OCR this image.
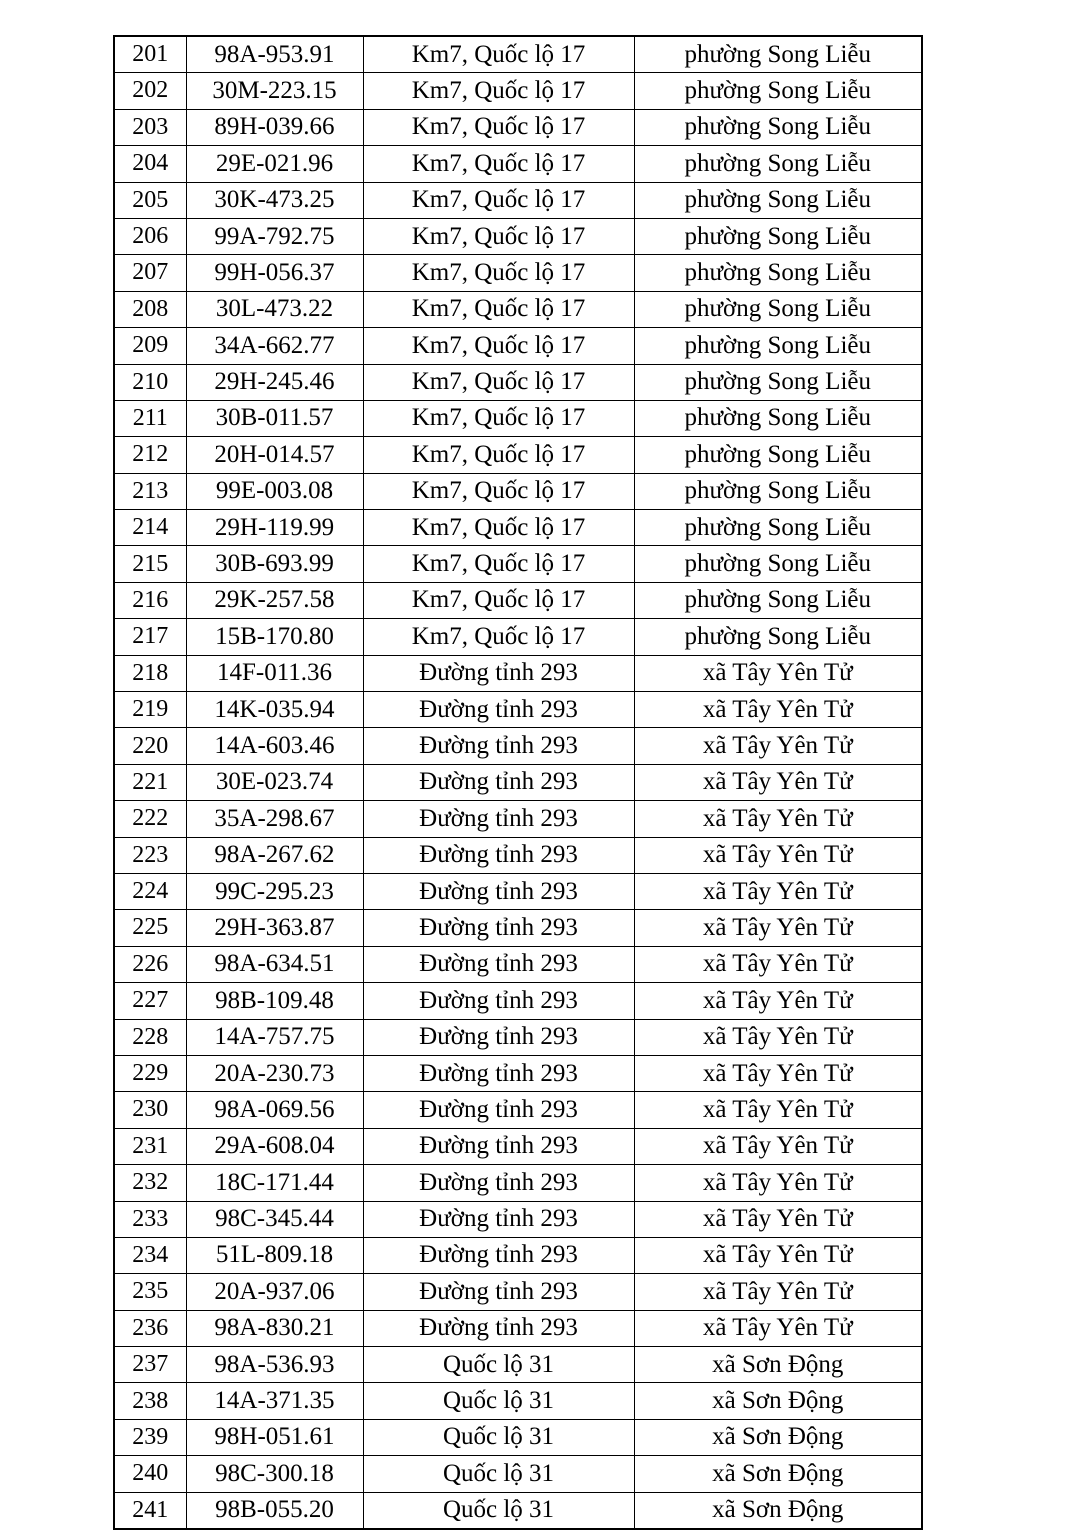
201	98A-953.91	Km7, Quốc lộ 17	phường Song Liễu
202	30M-223.15	Km7, Quốc lộ 17	phường Song Liễu
203	89H-039.66	Km7, Quốc lộ 17	phường Song Liễu
204	29E-021.96	Km7, Quốc lộ 17	phường Song Liễu
205	30K-473.25	Km7, Quốc lộ 17	phường Song Liễu
206	99A-792.75	Km7, Quốc lộ 17	phường Song Liễu
207	99H-056.37	Km7, Quốc lộ 17	phường Song Liễu
208	30L-473.22	Km7, Quốc lộ 17	phường Song Liễu
209	34A-662.77	Km7, Quốc lộ 17	phường Song Liễu
210	29H-245.46	Km7, Quốc lộ 17	phường Song Liễu
211	30B-011.57	Km7, Quốc lộ 17	phường Song Liễu
212	20H-014.57	Km7, Quốc lộ 17	phường Song Liễu
213	99E-003.08	Km7, Quốc lộ 17	phường Song Liễu
214	29H-119.99	Km7, Quốc lộ 17	phường Song Liễu
215	30B-693.99	Km7, Quốc lộ 17	phường Song Liễu
216	29K-257.58	Km7, Quốc lộ 17	phường Song Liễu
217	15B-170.80	Km7, Quốc lộ 17	phường Song Liễu
218	14F-011.36	Đường tỉnh 293	xã Tây Yên Tử
219	14K-035.94	Đường tỉnh 293	xã Tây Yên Tử
220	14A-603.46	Đường tỉnh 293	xã Tây Yên Tử
221	30E-023.74	Đường tỉnh 293	xã Tây Yên Tử
222	35A-298.67	Đường tỉnh 293	xã Tây Yên Tử
223	98A-267.62	Đường tỉnh 293	xã Tây Yên Tử
224	99C-295.23	Đường tỉnh 293	xã Tây Yên Tử
225	29H-363.87	Đường tỉnh 293	xã Tây Yên Tử
226	98A-634.51	Đường tỉnh 293	xã Tây Yên Tử
227	98B-109.48	Đường tỉnh 293	xã Tây Yên Tử
228	14A-757.75	Đường tỉnh 293	xã Tây Yên Tử
229	20A-230.73	Đường tỉnh 293	xã Tây Yên Tử
230	98A-069.56	Đường tỉnh 293	xã Tây Yên Tử
231	29A-608.04	Đường tỉnh 293	xã Tây Yên Tử
232	18C-171.44	Đường tỉnh 293	xã Tây Yên Tử
233	98C-345.44	Đường tỉnh 293	xã Tây Yên Tử
234	51L-809.18	Đường tỉnh 293	xã Tây Yên Tử
235	20A-937.06	Đường tỉnh 293	xã Tây Yên Tử
236	98A-830.21	Đường tỉnh 293	xã Tây Yên Tử
237	98A-536.93	Quốc lộ 31	xã Sơn Động
238	14A-371.35	Quốc lộ 31	xã Sơn Động
239	98H-051.61	Quốc lộ 31	xã Sơn Động
240	98C-300.18	Quốc lộ 31	xã Sơn Động
241	98B-055.20	Quốc lộ 31	xã Sơn Động
